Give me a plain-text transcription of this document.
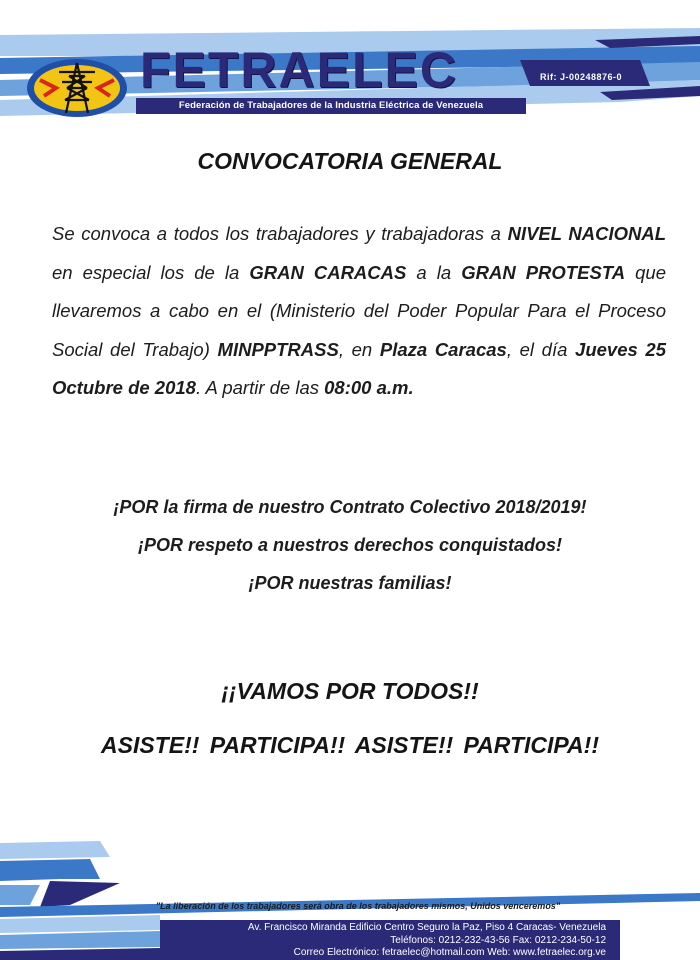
FETRAELEC	Rif: J-00248876-0
Federación de Trabajadores de la Industria Eléctrica de Venezuela
CONVOCATORIA GENERAL

Se convoca a todos los trabajadores y trabajadoras a NIVEL NACIONAL en especial los de la GRAN CARACAS a la GRAN PROTESTA que llevaremos a cabo en el (Ministerio del Poder Popular Para el Proceso Social del Trabajo) MINPPTRASS, en Plaza Caracas, el día Jueves 25 Octubre de 2018. A partir de las 08:00 a.m.

¡POR la firma de nuestro Contrato Colectivo 2018/2019!
¡POR respeto a nuestros derechos conquistados!
¡POR nuestras familias!
¡¡VAMOS POR TODOS!!
ASISTE!! PARTICIPA!! ASISTE!! PARTICIPA!!
"La liberación de los trabajadores será obra de los trabajadores mismos, Unidos venceremos"
Av. Francisco Miranda Edificio Centro Seguro la Paz, Piso 4 Caracas- Venezuela
Teléfonos: 0212-232-43-56 Fax: 0212-234-50-12
Correo Electrónico: fetraelec@hotmail.com Web: www.fetraelec.org.ve
